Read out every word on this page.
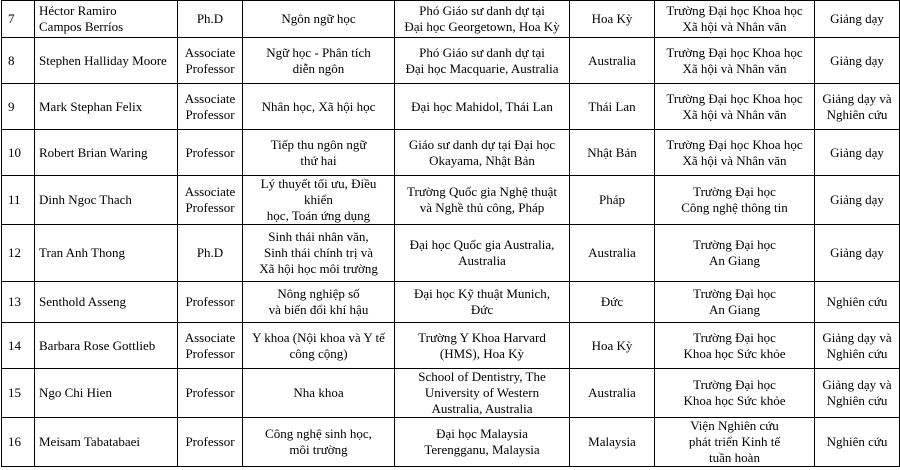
7	Héctor Ramiro
Campos Berríos	Ph.D	Ngôn ngữ học	Phó Giáo sư danh dự tại
Đại học Georgetown, Hoa Kỳ	Hoa Kỳ	Trường Đại học Khoa học
Xã hội và Nhân văn	Giảng dạy

8	Stephen Halliday Moore	Associate
Professor	Ngữ học - Phân tích
diễn ngôn	Phó Giáo sư danh dự tại
Đại học Macquarie, Australia	Australia	Trường Đại học Khoa học
Xã hội và Nhân văn	Giảng dạy

9	Mark Stephan Felix	Associate
Professor	Nhân học, Xã hội học	Đại học Mahidol, Thái Lan	Thái Lan	Trường Đại học Khoa học
Xã hội và Nhân văn	Giảng dạy và
Nghiên cứu

10	Robert Brian Waring	Professor	Tiếp thu ngôn ngữ
thứ hai	Giáo sư danh dự tại Đại học
Okayama, Nhật Bản	Nhật Bản	Trường Đại học Khoa học
Xã hội và Nhân văn	Giảng dạy

11	Dinh Ngoc Thach	Associate
Professor	Lý thuyết tối ưu, Điều khiển
học, Toán ứng dụng	Trường Quốc gia Nghệ thuật
và Nghề thủ công, Pháp	Pháp	Trường Đại học
Công nghệ thông tin	Giảng dạy

12	Tran Anh Thong	Ph.D	Sinh thái nhân văn,
Sinh thái chính trị và
Xã hội học môi trường	Đại học Quốc gia Australia,
Australia	Australia	Trường Đại học
An Giang	Giảng dạy

13	Senthold Asseng	Professor	Nông nghiệp số
và biến đổi khí hậu	Đại học Kỹ thuật Munich,
Đức	Đức	Trường Đại học
An Giang	Nghiên cứu

14	Barbara Rose Gottlieb	Associate
Professor	Y khoa (Nội khoa và Y tế
công cộng)	Trường Y Khoa Harvard
(HMS), Hoa Kỳ	Hoa Kỳ	Trường Đại học
Khoa học Sức khỏe	Giảng dạy và
Nghiên cứu

15	Ngo Chi Hien	Professor	Nha khoa	School of Dentistry, The
University of Western
Australia, Australia	Australia	Trường Đại học
Khoa học Sức khỏe	Giảng dạy và
Nghiên cứu

16	Meisam Tabatabaei	Professor	Công nghệ sinh học,
môi trường	Đại học Malaysia
Terengganu, Malaysia	Malaysia	Viện Nghiên cứu
phát triển Kinh tế
tuần hoàn	Nghiên cứu
